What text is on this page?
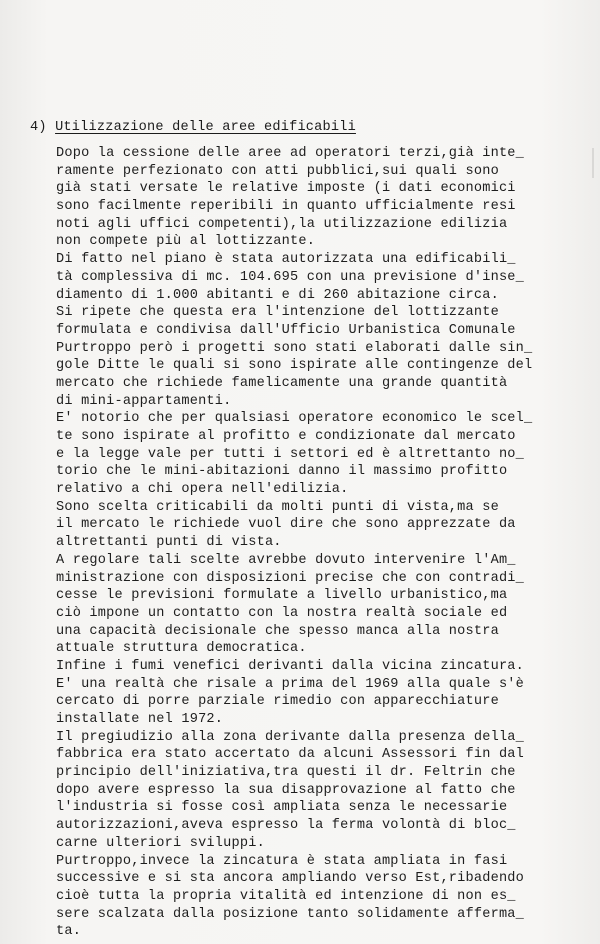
4) Utilizzazione delle aree edificabili
Dopo la cessione delle aree ad operatori terzi,già inte_
ramente perfezionato con atti pubblici,sui quali sono
già stati versate le relative imposte (i dati economici
sono facilmente reperibili in quanto ufficialmente resi
noti agli uffici competenti),la utilizzazione edilizia
non compete più al lottizzante.
Di fatto nel piano è stata autorizzata una edificabili_
tà complessiva di mc. 104.695 con una previsione d'inse_
diamento di 1.000 abitanti e di 260 abitazione circa.
Si ripete che questa era l'intenzione del lottizzante
formulata e condivisa dall'Ufficio Urbanistica Comunale
Purtroppo però i progetti sono stati elaborati dalle sin_
gole Ditte le quali si sono ispirate alle contingenze del
mercato che richiede famelicamente una grande quantità
di mini-appartamenti.
E' notorio che per qualsiasi operatore economico le scel_
te sono ispirate al profitto e condizionate dal mercato
e la legge vale per tutti i settori ed è altrettanto no_
torio che le mini-abitazioni danno il massimo profitto
relativo a chi opera nell'edilizia.
Sono scelta criticabili da molti punti di vista,ma se
il mercato le richiede vuol dire che sono apprezzate da
altrettanti punti di vista.
A regolare tali scelte avrebbe dovuto intervenire l'Am_
ministrazione con disposizioni precise che con contradi_
cesse le previsioni formulate a livello urbanistico,ma
ciò impone un contatto con la nostra realtà sociale ed
una capacità decisionale che spesso manca alla nostra
attuale struttura democratica.
Infine i fumi venefici derivanti dalla vicina zincatura.
E' una realtà che risale a prima del 1969 alla quale s'è
cercato di porre parziale rimedio con apparecchiature
installate nel 1972.
Il pregiudizio alla zona derivante dalla presenza della_
fabbrica era stato accertato da alcuni Assessori fin dal
principio dell'iniziativa,tra questi il dr. Feltrin che
dopo avere espresso la sua disapprovazione al fatto che
l'industria si fosse così ampliata senza le necessarie
autorizzazioni,aveva espresso la ferma volontà di bloc_
carne ulteriori sviluppi.
Purtroppo,invece la zincatura è stata ampliata in fasi
successive e si sta ancora ampliando verso Est,ribadendo
cioè tutta la propria vitalità ed intenzione di non es_
sere scalzata dalla posizione tanto solidamente afferma_
ta.
